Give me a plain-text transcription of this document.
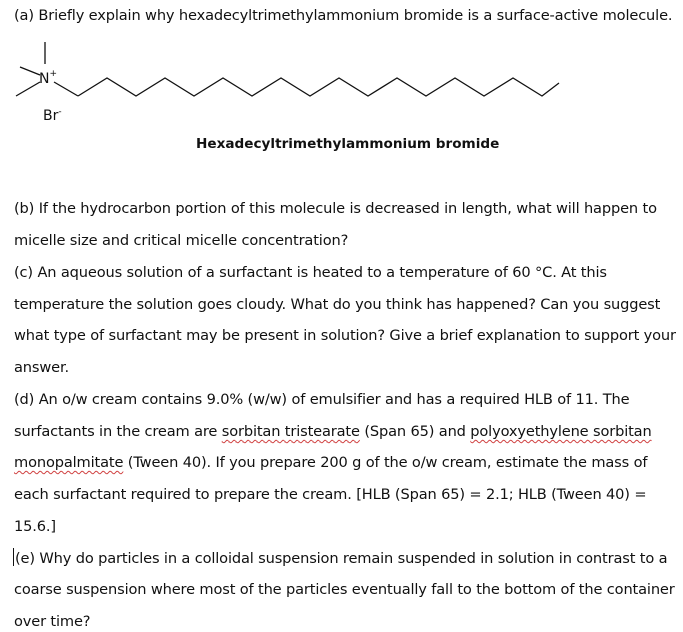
(a) Briefly explain why hexadecyltrimethylammonium bromide is a surface-active molecule.
N+
Br-
Hexadecyltrimethylammonium bromide
(b) If the hydrocarbon portion of this molecule is decreased in length, what will happen to
micelle size and critical micelle concentration?
(c) An aqueous solution of a surfactant is heated to a temperature of 60 °C. At this
temperature the solution goes cloudy. What do you think has happened? Can you suggest
what type of surfactant may be present in solution? Give a brief explanation to support your
answer.
(d) An o/w cream contains 9.0% (w/w) of emulsifier and has a required HLB of 11. The
surfactants in the cream are sorbitan tristearate (Span 65) and polyoxyethylene sorbitan
monopalmitate (Tween 40). If you prepare 200 g of the o/w cream, estimate the mass of
each surfactant required to prepare the cream. [HLB (Span 65) = 2.1; HLB (Tween 40) =
15.6.]
(e) Why do particles in a colloidal suspension remain suspended in solution in contrast to a
coarse suspension where most of the particles eventually fall to the bottom of the container
over time?
